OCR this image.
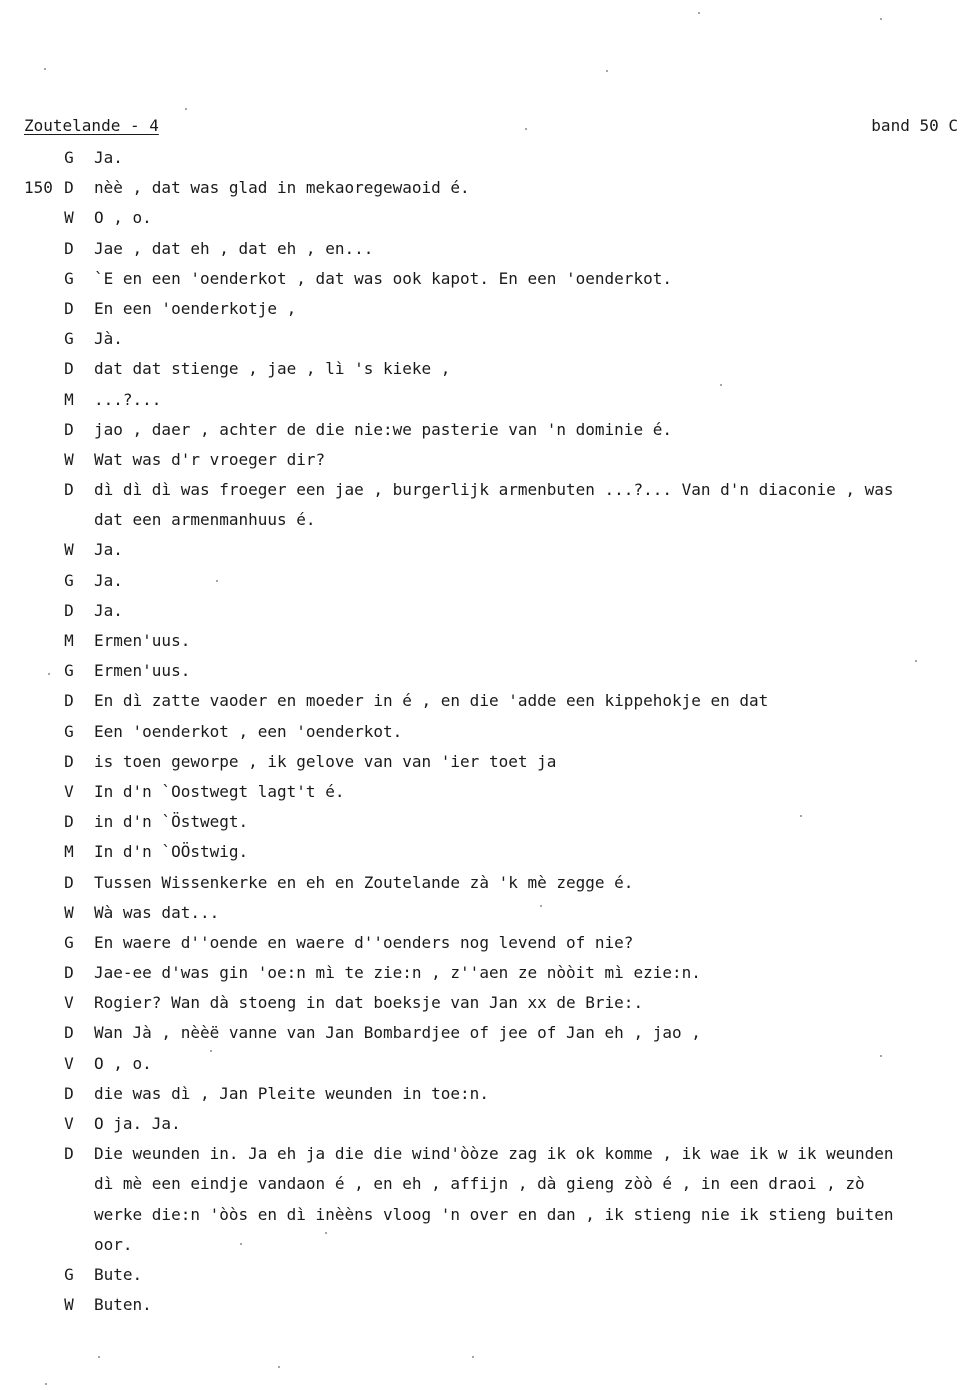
Zoutelande - 4	band 50 C
G Ja.
150 D nèè , dat was glad in mekaoregewaoid é.
W O , o.
D Jae , dat eh , dat eh , en...
G `E en een 'oenderkot , dat was ook kapot. En een 'oenderkot.
D En een 'oenderkotje ,
G Jà.
D dat dat stienge , jae , lì 's kieke ,
M ...?...
D jao , daer , achter de die nie:we pasterie van 'n dominie é.
W Wat was d'r vroeger dir?
D dì dì dì was froeger een jae , burgerlijk armenbuten ...?... Van d'n diaconie , was
dat een armenmanhuus é.
W Ja.
G Ja.
D Ja.
M Ermen'uus.
G Ermen'uus.
D En dì zatte vaoder en moeder in é , en die 'adde een kippehokje en dat
G Een 'oenderkot , een 'oenderkot.
D is toen geworpe , ik gelove van van 'ier toet ja
V In d'n `Oostwegt lagt't é.
D in d'n `Östwegt.
M In d'n `OÖstwig.
D Tussen Wissenkerke en eh en Zoutelande zà 'k mè zegge é.
W Wà was dat...
G En waere d''oende en waere d''oenders nog levend of nie?
D Jae-ee d'was gin 'oe:n mì te zie:n , z''aen ze nòòit mì ezie:n.
V Rogier? Wan dà stoeng in dat boeksje van Jan xx de Brie:.
D Wan Jà , nèèë vanne van Jan Bombardjee of jee of Jan eh , jao ,
V O , o.
D die was dì , Jan Pleite weunden in toe:n.
V O ja. Ja.
D Die weunden in. Ja eh ja die die wind'òòze zag ik ok komme , ik wae ik w ik weunden
dì mè een eindje vandaon é , en eh , affijn , dà gieng zòò é , in een draoi , zò
werke die:n 'òòs en dì inèèns vloog 'n over en dan , ik stieng nie ik stieng buiten
oor.
G Bute.
W Buten.
